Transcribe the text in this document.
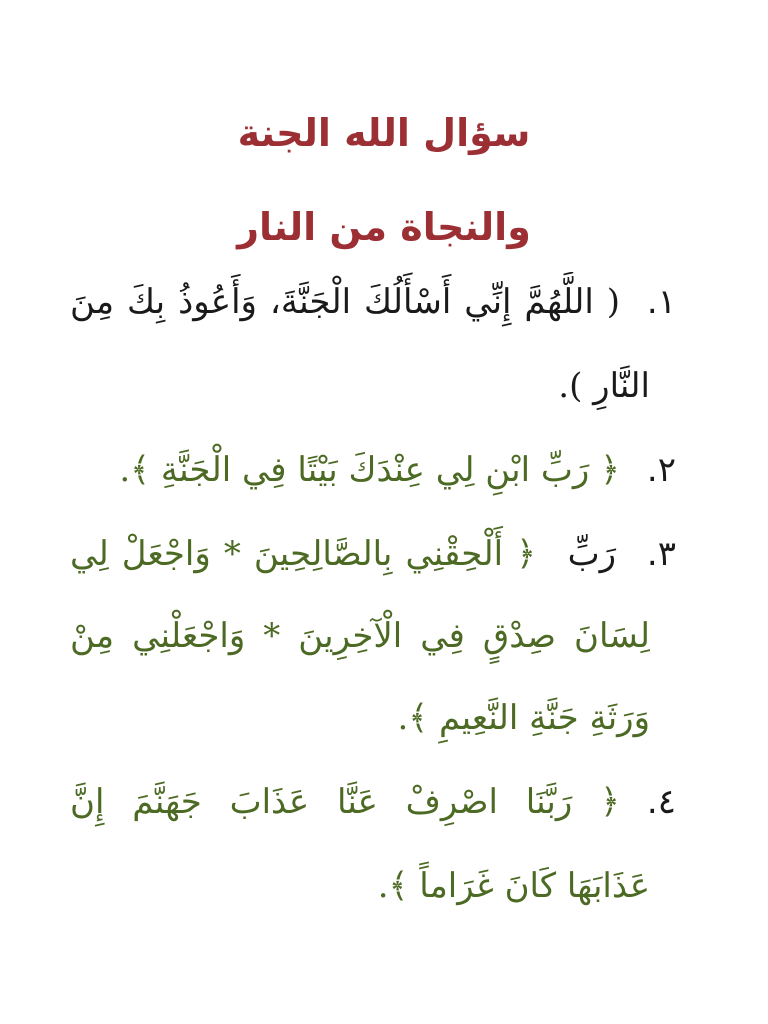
سؤال الله الجنة
والنجاة من النار
١.
( اللَّهُمَّ إِنِّي أَسْأَلُكَ الْجَنَّةَ، وَأَعُوذُ بِكَ مِنَ
النَّارِ ).
٢.
﴿ رَبِّ ابْنِ لِي عِنْدَكَ بَيْتًا فِي الْجَنَّةِ ﴾.
٣.
رَبِّ
﴿ أَلْحِقْنِي بِالصَّالِحِينَ * وَاجْعَلْ لِي
لِسَانَ صِدْقٍ فِي الْآخِرِينَ * وَاجْعَلْنِي مِنْ
وَرَثَةِ جَنَّةِ النَّعِيمِ ﴾.
٤.
﴿ رَبَّنَا اصْرِفْ عَنَّا عَذَابَ جَهَنَّمَ إِنَّ
عَذَابَهَا كَانَ غَرَاماً ﴾.
